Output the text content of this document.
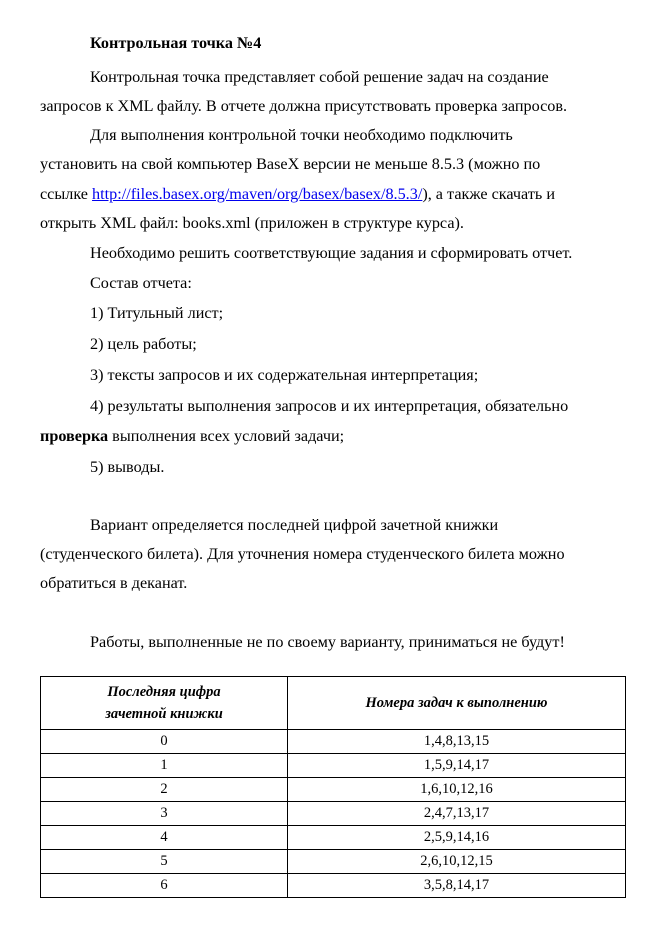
Контрольная точка №4
Контрольная точка представляет собой решение задач на создание
запросов к XML файлу. В отчете должна присутствовать проверка запросов.
Для выполнения контрольной точки необходимо подключить
установить на свой компьютер BaseX версии не меньше 8.5.3 (можно по
ссылке http://files.basex.org/maven/org/basex/basex/8.5.3/), а также скачать и
открыть XML файл: books.xml (приложен в структуре курса).
Необходимо решить соответствующие задания и сформировать отчет.
Состав отчета:
1) Титульный лист;
2) цель работы;
3) тексты запросов и их содержательная интерпретация;
4) результаты выполнения запросов и их интерпретация, обязательно
проверка выполнения всех условий задачи;
5) выводы.
Вариант определяется последней цифрой зачетной книжки
(студенческого билета). Для уточнения номера студенческого билета можно
обратиться в деканат.
Работы, выполненные не по своему варианту, приниматься не будут!
Последняя цифра
зачетной книжки	Номера задач к выполнению
0	1,4,8,13,15
1	1,5,9,14,17
2	1,6,10,12,16
3	2,4,7,13,17
4	2,5,9,14,16
5	2,6,10,12,15
6	3,5,8,14,17
